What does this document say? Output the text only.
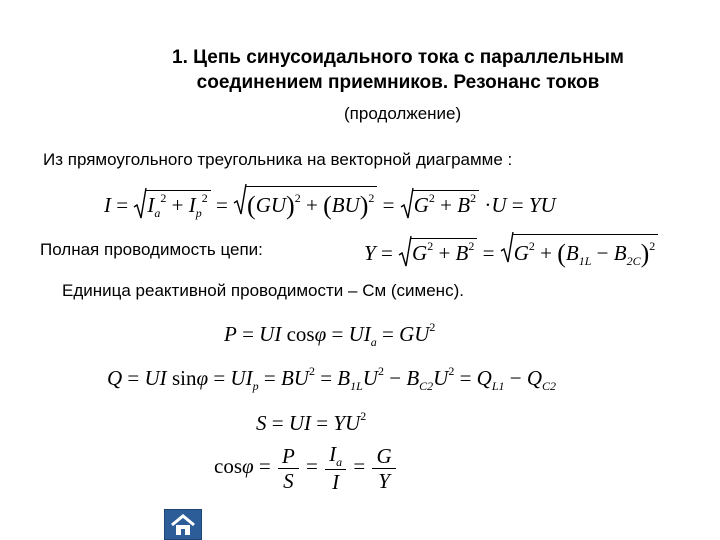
1. Цепь синусоидального тока с параллельным
соединением приемников. Резонанс токов
(продолжение)
Из прямоугольного треугольника на векторной диаграмме :
I =
$I_a^2 + I_p^2$ =
(GU)$^2$ + (BU)$^2$ =
$G^2 + B^2 \cdot U$ = YU
Полная проводимость цепи:	Y =
$G^2 + B^2$ =
$G^2 + (B_{1L} - B_{2C})^2$
Единица реактивной проводимости – См (сименс).
P = UI $\cos\varphi = UI_a = GU^2$
Q = UI $\sin\varphi = UI_p = BU^2 = B_{1L}U^2 - B_{C2}U^2 = Q_{L1} - Q_{C2}$
S = UI = $YU^2$
$\cos\varphi = \frac{P}{S} = \frac{I_a}{I} = \frac{G}{Y}$
